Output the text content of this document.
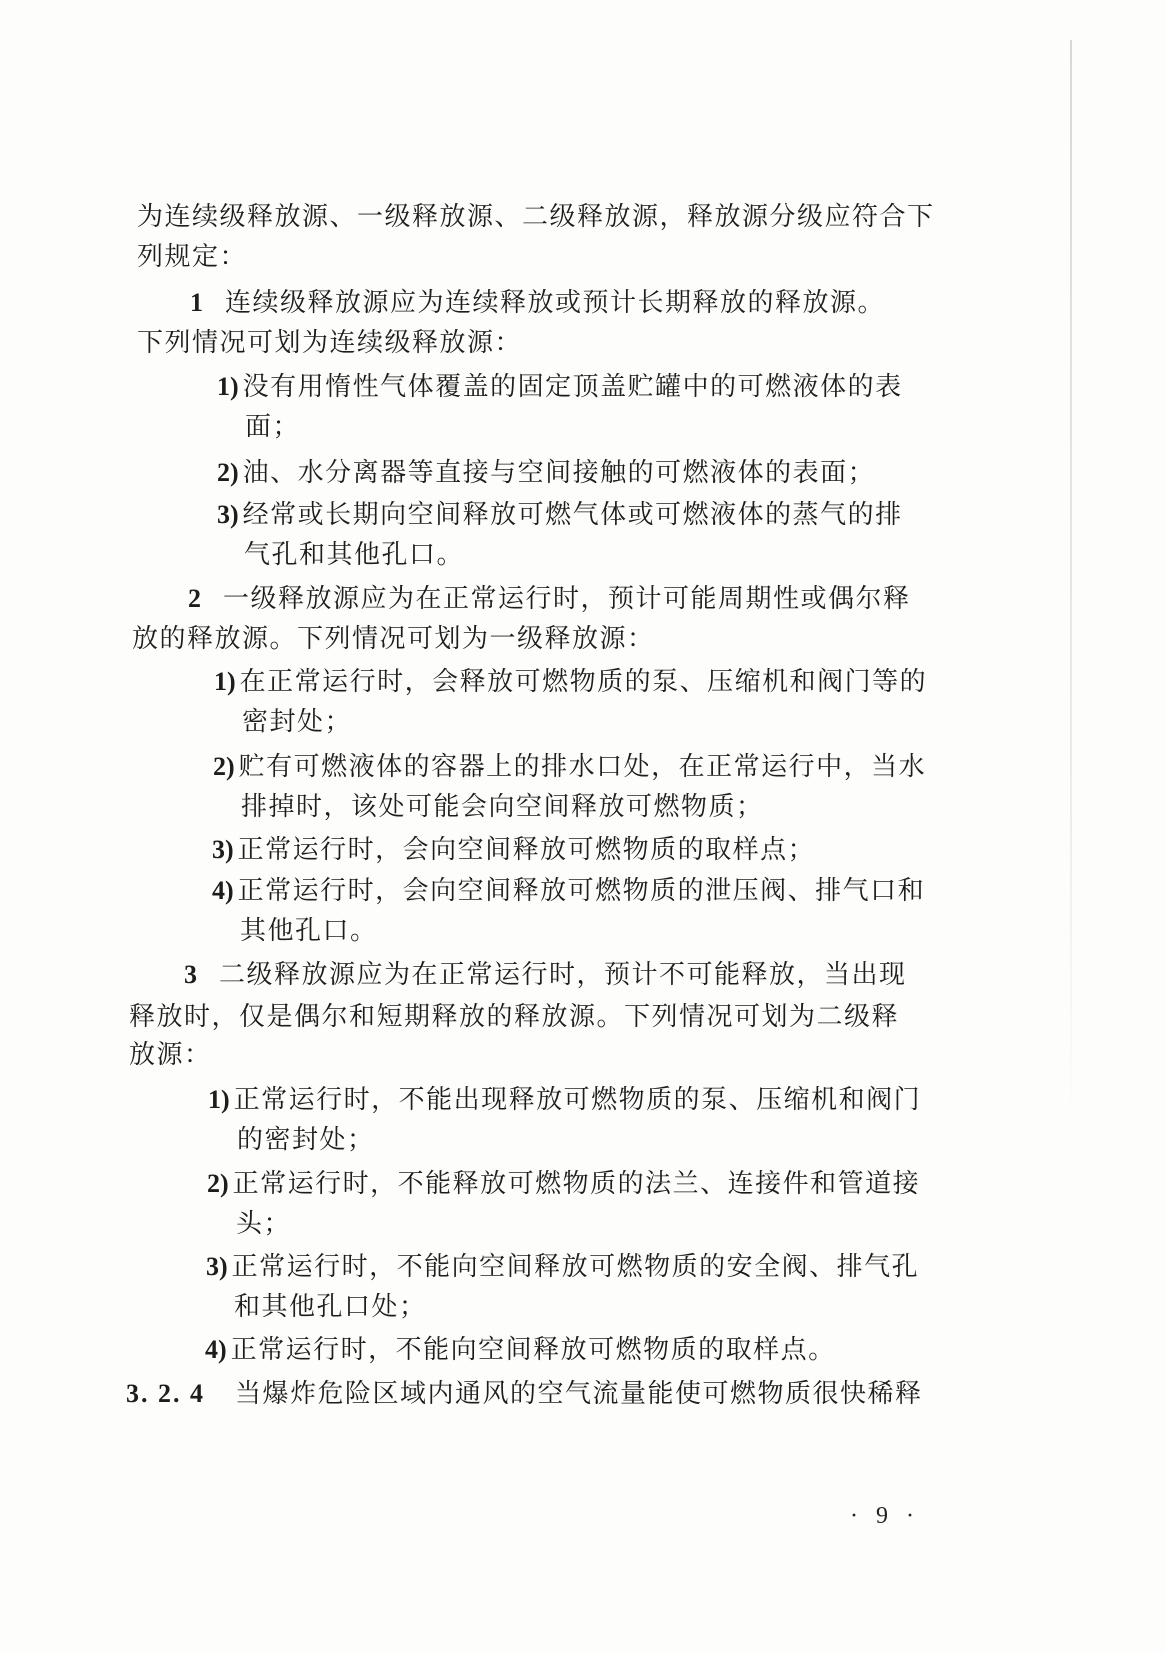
为连续级释放源、一级释放源、二级释放源，释放源分级应符合下
列规定：
1 连续级释放源应为连续释放或预计长期释放的释放源。
下列情况可划为连续级释放源：
1) 没有用惰性气体覆盖的固定顶盖贮罐中的可燃液体的表
面；
2) 油、水分离器等直接与空间接触的可燃液体的表面；
3) 经常或长期向空间释放可燃气体或可燃液体的蒸气的排
气孔和其他孔口。
2 一级释放源应为在正常运行时，预计可能周期性或偶尔释
放的释放源。下列情况可划为一级释放源：
1) 在正常运行时，会释放可燃物质的泵、压缩机和阀门等的
密封处；
2) 贮有可燃液体的容器上的排水口处，在正常运行中，当水
排掉时，该处可能会向空间释放可燃物质；
3) 正常运行时，会向空间释放可燃物质的取样点；
4) 正常运行时，会向空间释放可燃物质的泄压阀、排气口和
其他孔口。
3 二级释放源应为在正常运行时，预计不可能释放，当出现
释放时，仅是偶尔和短期释放的释放源。下列情况可划为二级释
放源：
1) 正常运行时，不能出现释放可燃物质的泵、压缩机和阀门
的密封处；
2) 正常运行时，不能释放可燃物质的法兰、连接件和管道接
头；
3) 正常运行时，不能向空间释放可燃物质的安全阀、排气孔
和其他孔口处；
4) 正常运行时，不能向空间释放可燃物质的取样点。
3. 2. 4 当爆炸危险区域内通风的空气流量能使可燃物质很快稀释
· 9 ·
